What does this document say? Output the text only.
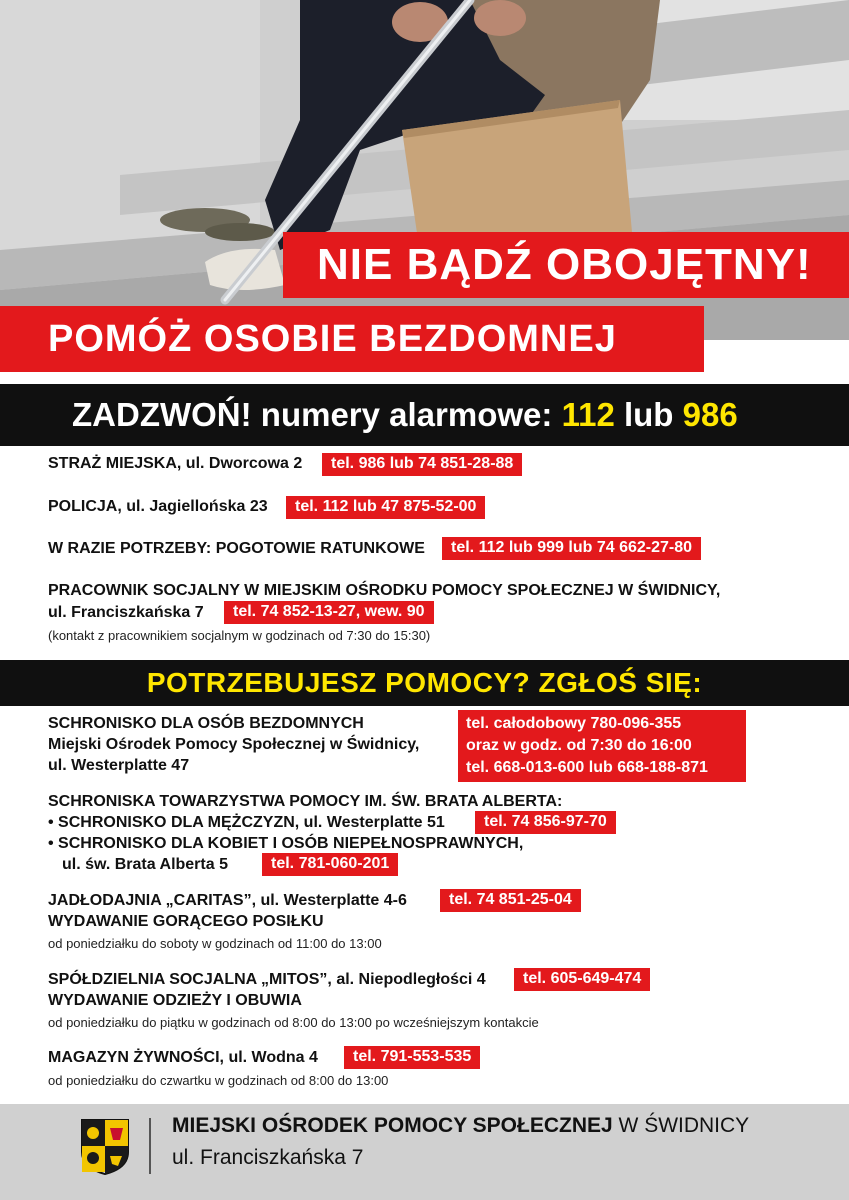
NIE BĄDŹ OBOJĘTNY!
POMÓŻ OSOBIE BEZDOMNEJ
ZADZWOŃ! numery alarmowe: 112 lub 986
STRAŻ MIEJSKA, ul. Dworcowa 2	tel. 986 lub 74 851-28-88
POLICJA, ul. Jagiellońska 23	tel. 112 lub 47 875-52-00
W RAZIE POTRZEBY: POGOTOWIE RATUNKOWE	tel. 112 lub 999 lub 74 662-27-80
PRACOWNIK SOCJALNY W MIEJSKIM OŚRODKU POMOCY SPOŁECZNEJ W ŚWIDNICY,
ul. Franciszkańska 7	tel. 74 852-13-27, wew. 90
(kontakt z pracownikiem socjalnym w godzinach od 7:30 do 15:30)
POTRZEBUJESZ POMOCY? ZGŁOŚ SIĘ:
SCHRONISKO DLA OSÓB BEZDOMNYCH
Miejski Ośrodek Pomocy Społecznej w Świdnicy,
ul. Westerplatte 47
tel. całodobowy 780-096-355
oraz w godz. od 7:30 do 16:00
tel. 668-013-600 lub 668-188-871
SCHRONISKA TOWARZYSTWA POMOCY IM. ŚW. BRATA ALBERTA:
• SCHRONISKO DLA MĘŻCZYZN, ul. Westerplatte 51	tel. 74 856-97-70
• SCHRONISKO DLA KOBIET I OSÓB NIEPEŁNOSPRAWNYCH,
ul. św. Brata Alberta 5	tel. 781-060-201
JADŁODAJNIA „CARITAS”, ul. Westerplatte 4-6	tel. 74 851-25-04
WYDAWANIE GORĄCEGO POSIŁKU
od poniedziałku do soboty w godzinach od 11:00 do 13:00
SPÓŁDZIELNIA SOCJALNA „MITOS”, al. Niepodległości 4	tel. 605-649-474
WYDAWANIE ODZIEŻY I OBUWIA
od poniedziałku do piątku w godzinach od 8:00 do 13:00 po wcześniejszym kontakcie
MAGAZYN ŻYWNOŚCI, ul. Wodna 4	tel. 791-553-535
od poniedziałku do czwartku w godzinach od 8:00 do 13:00
MIEJSKI OŚRODEK POMOCY SPOŁECZNEJ W ŚWIDNICY
ul. Franciszkańska 7
